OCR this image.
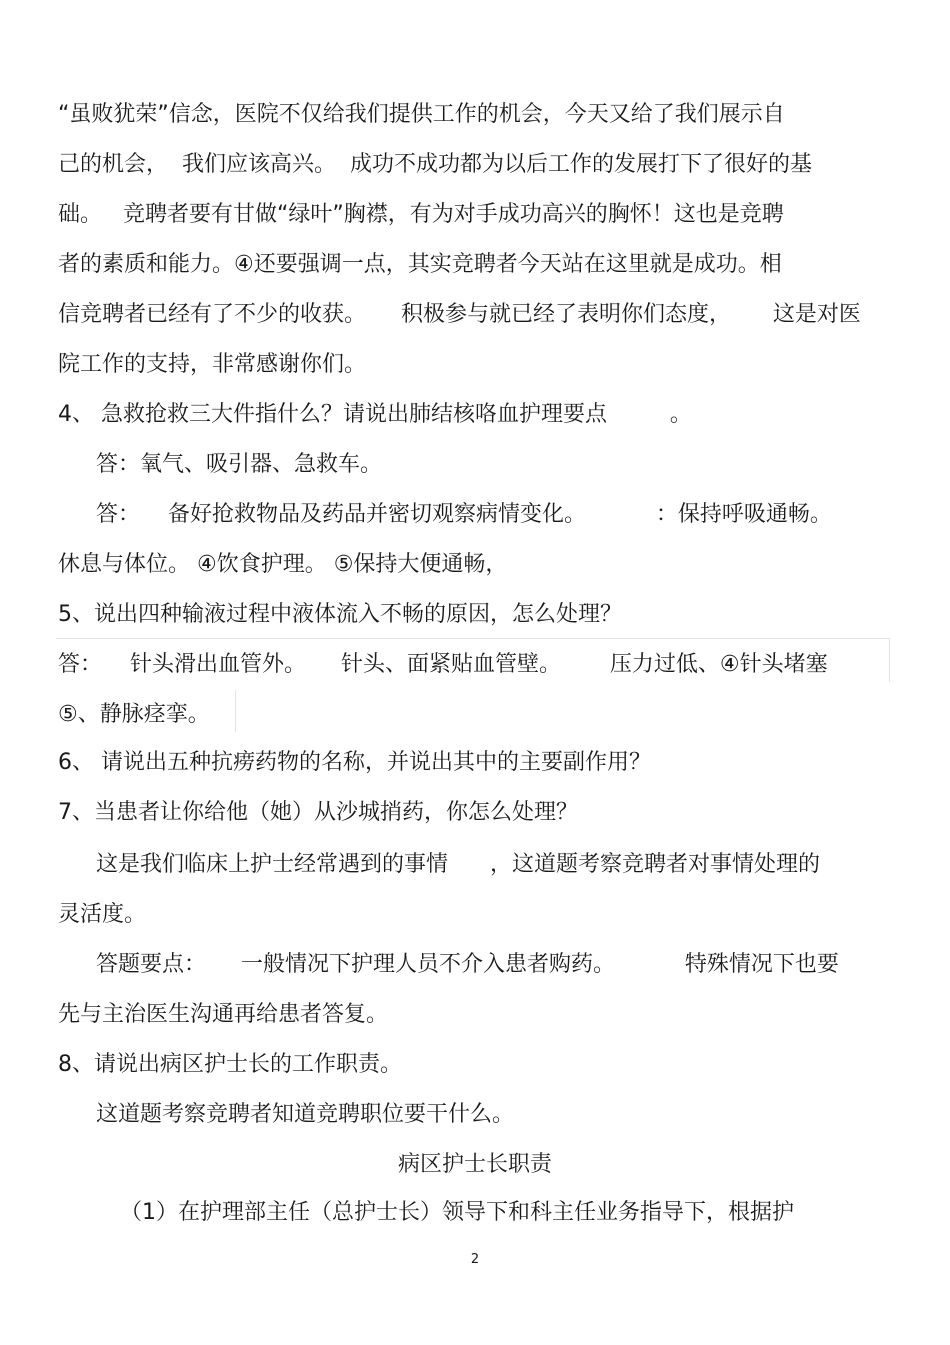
“虽败犹荣”信念，医院不仅给我们提供工作的机会，今天又给了我们展示自
己的机会，  我们应该高兴。  成功不成功都为以后工作的发展打下了很好的基
础。   竞聘者要有甘做“绿叶”胸襟，有为对手成功高兴的胸怀！这也是竞聘
者的素质和能力。④还要强调一点，其实竞聘者今天站在这里就是成功。相
信竞聘者已经有了不少的收获。     积极参与就已经了表明你们态度，      这是对医
院工作的支持，非常感谢你们。
4、 急救抢救三大件指什么？请说出肺结核咯血护理要点         。
答：氧气、吸引器、急救车。
答：    备好抢救物品及药品并密切观察病情变化。          ：保持呼吸通畅。
休息与体位。 ④饮食护理。 ⑤保持大便通畅，
5、说出四种输液过程中液体流入不畅的原因，怎么处理？
答：    针头滑出血管外。     针头、面紧贴血管壁。       压力过低、④针头堵塞
⑤、静脉痉挛。
6、 请说出五种抗痨药物的名称，并说出其中的主要副作用？
7、当患者让你给他（她）从沙城捎药，你怎么处理？
这是我们临床上护士经常遇到的事情      ，这道题考察竞聘者对事情处理的
灵活度。
答题要点：     一般情况下护理人员不介入患者购药。          特殊情况下也要
先与主治医生沟通再给患者答复。
8、请说出病区护士长的工作职责。
这道题考察竞聘者知道竞聘职位要干什么。
病区护士长职责
（1）在护理部主任（总护士长）领导下和科主任业务指导下，根据护
2
